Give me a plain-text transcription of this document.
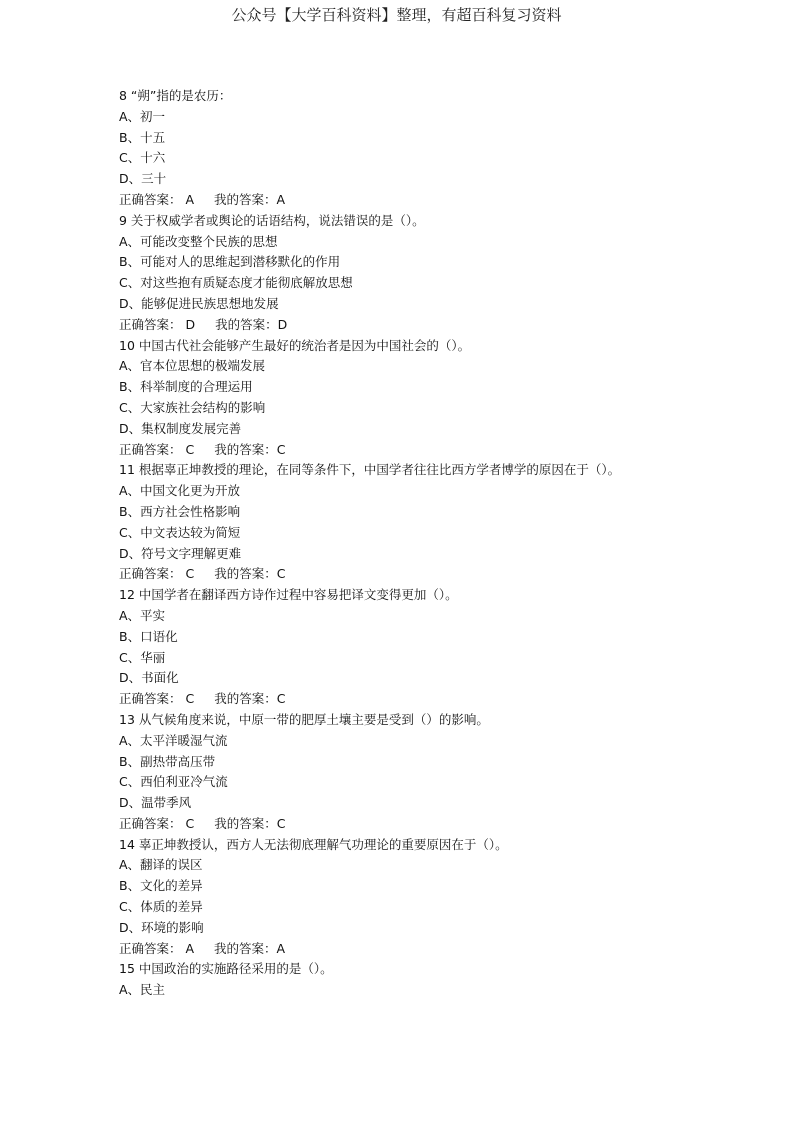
公众号【大学百科资料】整理，有超百科复习资料
8 “朔”指的是农历：
A、初一
B、十五
C、十六
D、三十
正确答案： A 我的答案：A
9 关于权威学者或舆论的话语结构，说法错误的是（）。
A、可能改变整个民族的思想
B、可能对人的思维起到潜移默化的作用
C、对这些抱有质疑态度才能彻底解放思想
D、能够促进民族思想地发展
正确答案： D 我的答案：D
10 中国古代社会能够产生最好的统治者是因为中国社会的（）。
A、官本位思想的极端发展
B、科举制度的合理运用
C、大家族社会结构的影响
D、集权制度发展完善
正确答案： C 我的答案：C
11 根据辜正坤教授的理论，在同等条件下，中国学者往往比西方学者博学的原因在于（）。
A、中国文化更为开放
B、西方社会性格影响
C、中文表达较为简短
D、符号文字理解更难
正确答案： C 我的答案：C
12 中国学者在翻译西方诗作过程中容易把译文变得更加（）。
A、平实
B、口语化
C、华丽
D、书面化
正确答案： C 我的答案：C
13 从气候角度来说，中原一带的肥厚土壤主要是受到（）的影响。
A、太平洋暖湿气流
B、副热带高压带
C、西伯利亚冷气流
D、温带季风
正确答案： C 我的答案：C
14 辜正坤教授认，西方人无法彻底理解气功理论的重要原因在于（）。
A、翻译的误区
B、文化的差异
C、体质的差异
D、环境的影响
正确答案： A 我的答案：A
15 中国政治的实施路径采用的是（）。
A、民主
